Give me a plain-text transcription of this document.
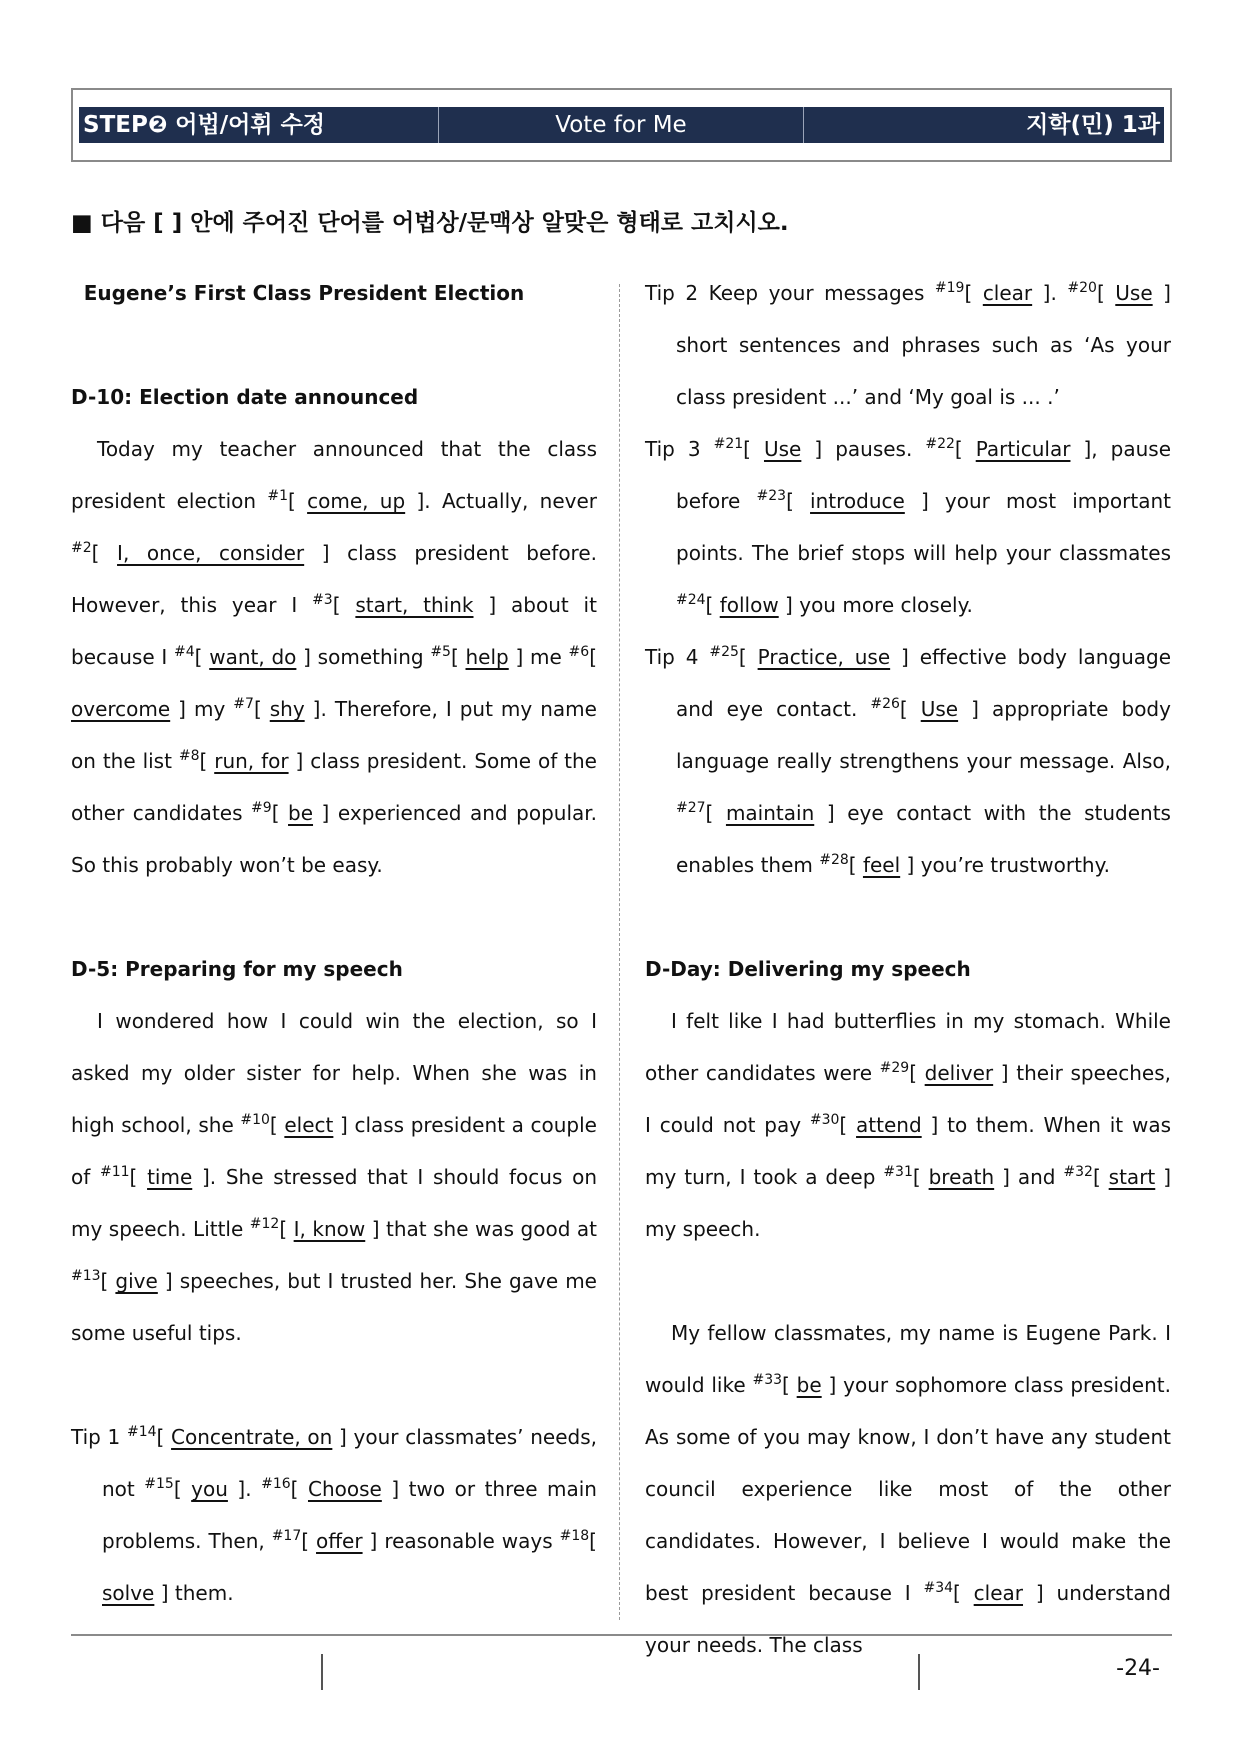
STEP❷ 어법/어휘 수정	Vote for Me	지학(민) 1과
■ 다음 [ ] 안에 주어진 단어를 어법상/문맥상 알맞은 형태로 고치시오.

Eugene’s First Class President Election

D-10: Election date announced

Today my teacher announced that the class president election $^{\#1}$[ come, up ]. Actually, never $^{\#2}$[ I, once, consider ] class president before. However, this year I $^{\#3}$[ start, think ] about it because I $^{\#4}$[ want, do ] something $^{\#5}$[ help ] me $^{\#6}$[ overcome ] my $^{\#7}$[ shy ]. Therefore, I put my name on the list $^{\#8}$[ run, for ] class president. Some of the other candidates $^{\#9}$[ be ] experienced and popular. So this probably won’t be easy.

D-5: Preparing for my speech

I wondered how I could win the election, so I asked my older sister for help. When she was in high school, she $^{\#10}$[ elect ] class president a couple of $^{\#11}$[ time ]. She stressed that I should focus on my speech. Little $^{\#12}$[ I, know ] that she was good at $^{\#13}$[ give ] speeches, but I trusted her. She gave me some useful tips.

Tip 1 $^{\#14}$[ Concentrate, on ] your classmates’ needs, not $^{\#15}$[ you ]. $^{\#16}$[ Choose ] two or three main problems. Then, $^{\#17}$[ offer ] reasonable ways $^{\#18}$[ solve ] them.

Tip 2 Keep your messages $^{\#19}$[ clear ]. $^{\#20}$[ Use ] short sentences and phrases such as ‘As your class president ...’ and ‘My goal is ... .’

Tip 3 $^{\#21}$[ Use ] pauses. $^{\#22}$[ Particular ], pause before $^{\#23}$[ introduce ] your most important points. The brief stops will help your classmates $^{\#24}$[ follow ] you more closely.

Tip 4 $^{\#25}$[ Practice, use ] effective body language and eye contact. $^{\#26}$[ Use ] appropriate body language really strengthens your message. Also, $^{\#27}$[ maintain ] eye contact with the students enables them $^{\#28}$[ feel ] you’re trustworthy.

D-Day: Delivering my speech

I felt like I had butterflies in my stomach. While other candidates were $^{\#29}$[ deliver ] their speeches, I could not pay $^{\#30}$[ attend ] to them. When it was my turn, I took a deep $^{\#31}$[ breath ] and $^{\#32}$[ start ] my speech.

My fellow classmates, my name is Eugene Park. I would like $^{\#33}$[ be ] your sophomore class president. As some of you may know, I don’t have any student council experience like most of the other candidates. However, I believe I would make the best president because I $^{\#34}$[ clear ] understand your needs. The class

-24-
